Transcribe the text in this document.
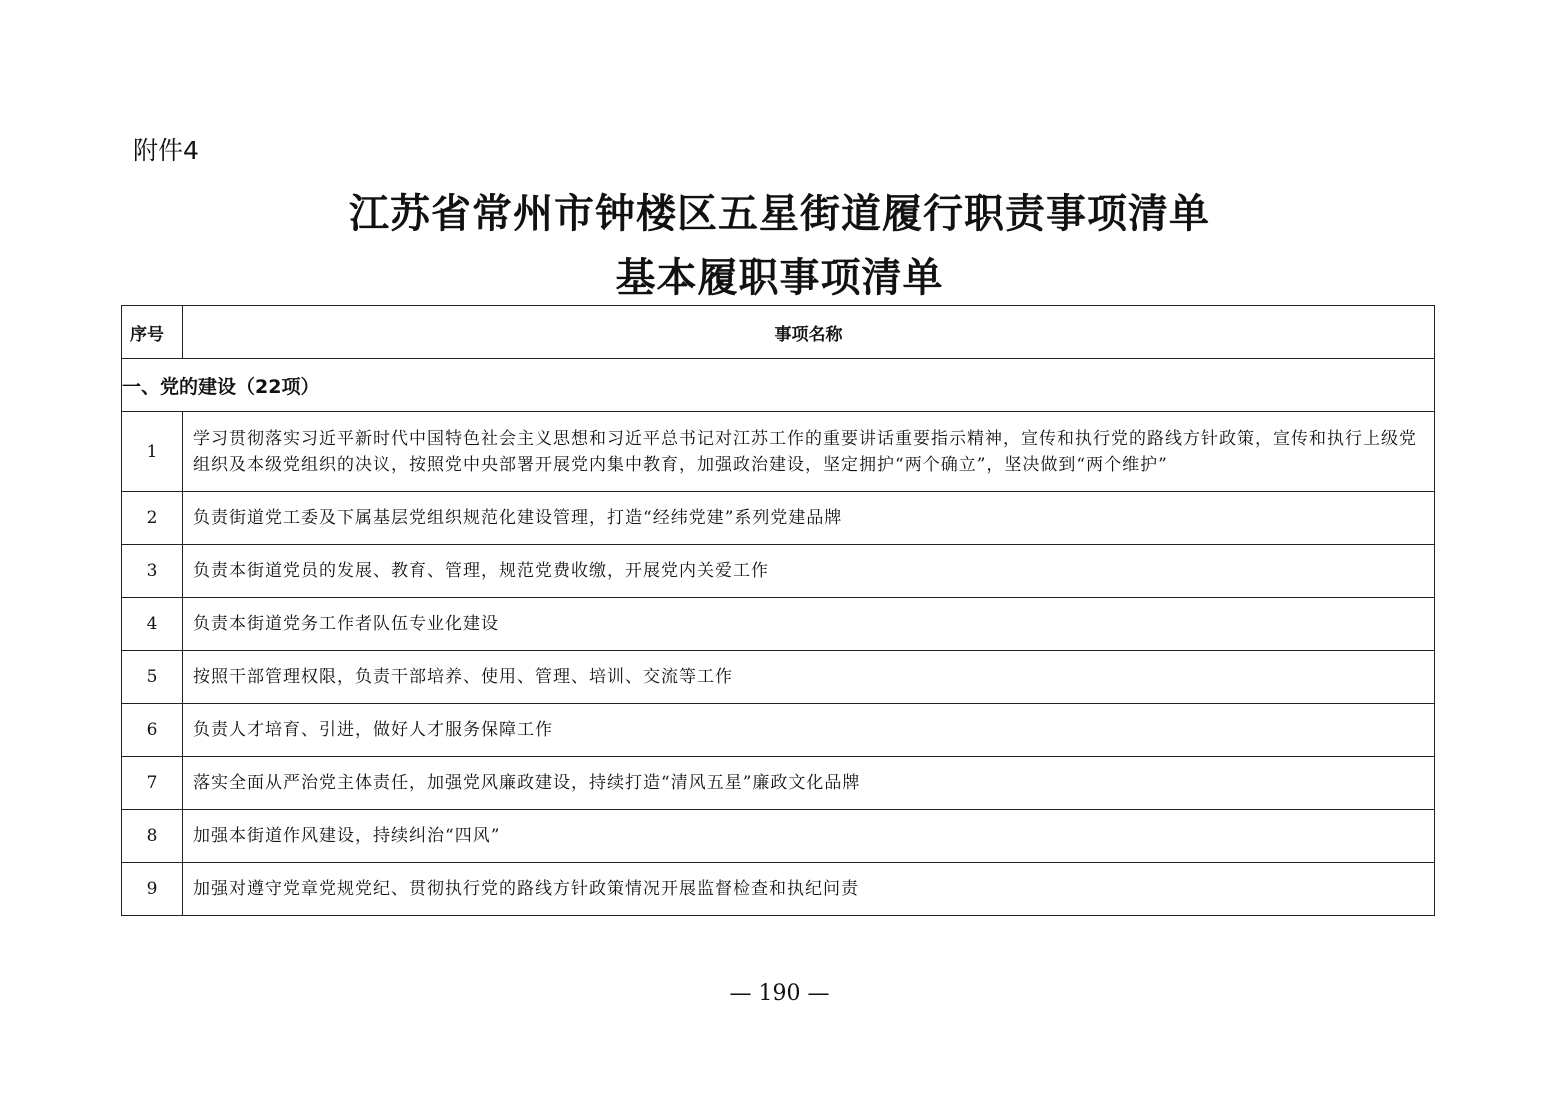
附件4
江苏省常州市钟楼区五星街道履行职责事项清单
基本履职事项清单
序号	事项名称
一、党的建设（22项）	
1	学习贯彻落实习近平新时代中国特色社会主义思想和习近平总书记对江苏工作的重要讲话重要指示精神，宣传和执行党的路线方针政策，宣传和执行上级党组织及本级党组织的决议，按照党中央部署开展党内集中教育，加强政治建设，坚定拥护“两个确立”，坚决做到“两个维护”
2	负责街道党工委及下属基层党组织规范化建设管理，打造“经纬党建”系列党建品牌
3	负责本街道党员的发展、教育、管理，规范党费收缴，开展党内关爱工作
4	负责本街道党务工作者队伍专业化建设
5	按照干部管理权限，负责干部培养、使用、管理、培训、交流等工作
6	负责人才培育、引进，做好人才服务保障工作
7	落实全面从严治党主体责任，加强党风廉政建设，持续打造“清风五星”廉政文化品牌
8	加强本街道作风建设，持续纠治“四风”
9	加强对遵守党章党规党纪、贯彻执行党的路线方针政策情况开展监督检查和执纪问责
— 190 —
